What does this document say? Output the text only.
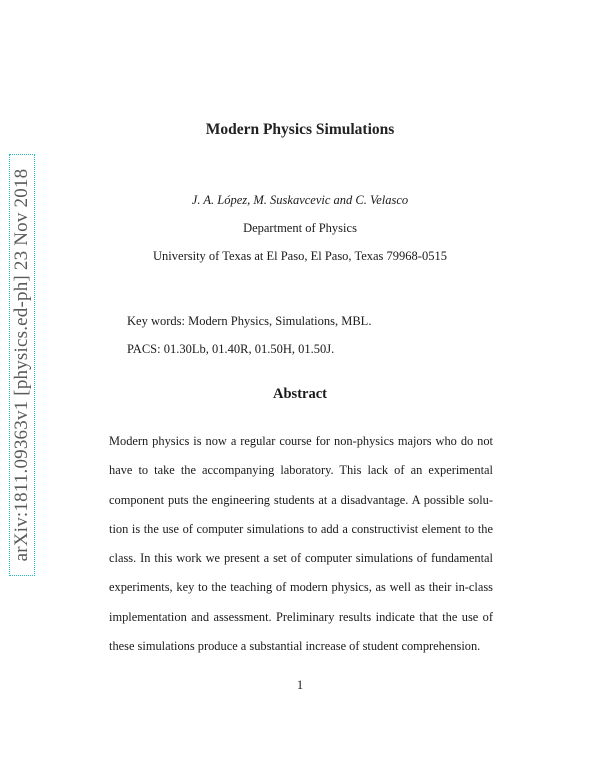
arXiv:1811.09363v1 [physics.ed-ph] 23 Nov 2018
Modern Physics Simulations
J. A. López, M. Suskavcevic and C. Velasco
Department of Physics
University of Texas at El Paso, El Paso, Texas 79968-0515
Key words: Modern Physics, Simulations, MBL.
PACS: 01.30Lb, 01.40R, 01.50H, 01.50J.
Abstract
Modern physics is now a regular course for non-physics majors who do not
have to take the accompanying laboratory. This lack of an experimental
component puts the engineering students at a disadvantage. A possible solu-
tion is the use of computer simulations to add a constructivist element to the
class. In this work we present a set of computer simulations of fundamental
experiments, key to the teaching of modern physics, as well as their in-class
implementation and assessment. Preliminary results indicate that the use of
these simulations produce a substantial increase of student comprehension.
1
